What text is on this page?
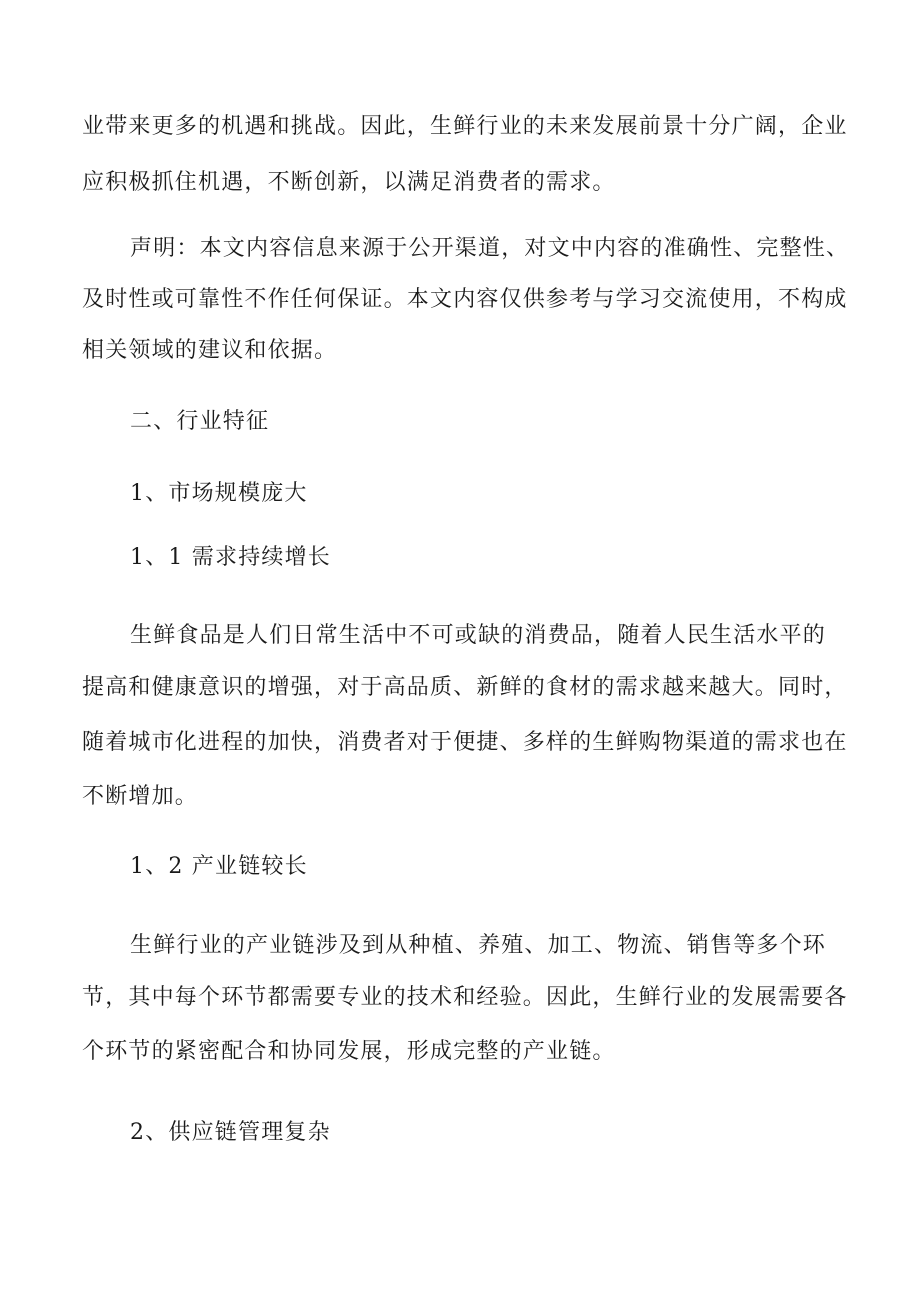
业带来更多的机遇和挑战。因此，生鲜行业的未来发展前景十分广阔，企业
应积极抓住机遇，不断创新，以满足消费者的需求。
声明：本文内容信息来源于公开渠道，对文中内容的准确性、完整性、
及时性或可靠性不作任何保证。本文内容仅供参考与学习交流使用，不构成
相关领域的建议和依据。
二、行业特征
1、市场规模庞大
1、1 需求持续增长
生鲜食品是人们日常生活中不可或缺的消费品，随着人民生活水平的
提高和健康意识的增强，对于高品质、新鲜的食材的需求越来越大。同时，
随着城市化进程的加快，消费者对于便捷、多样的生鲜购物渠道的需求也在
不断增加。
1、2 产业链较长
生鲜行业的产业链涉及到从种植、养殖、加工、物流、销售等多个环
节，其中每个环节都需要专业的技术和经验。因此，生鲜行业的发展需要各
个环节的紧密配合和协同发展，形成完整的产业链。
2、供应链管理复杂
